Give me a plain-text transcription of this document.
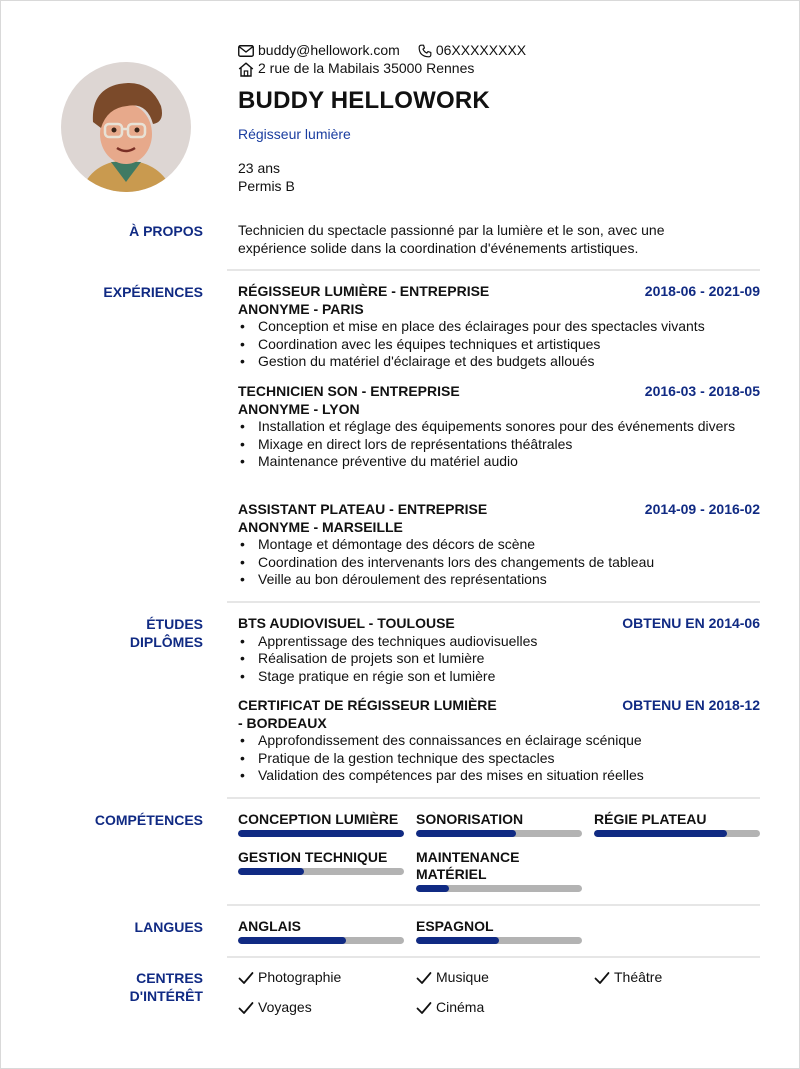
buddy@hellowork.com	06XXXXXXXX
2 rue de la Mabilais 35000 Rennes
BUDDY HELLOWORK
Régisseur lumière
23 ans
Permis B
À PROPOS	Technicien du spectacle passionné par la lumière et le son, avec une
expérience solide dans la coordination d'événements artistiques.
EXPÉRIENCES	RÉGISSEUR LUMIÈRE - ENTREPRISE	2018-06 - 2021-09
ANONYME - PARIS
• Conception et mise en place des éclairages pour des spectacles vivants
• Coordination avec les équipes techniques et artistiques
• Gestion du matériel d'éclairage et des budgets alloués
TECHNICIEN SON - ENTREPRISE	2016-03 - 2018-05
ANONYME - LYON
• Installation et réglage des équipements sonores pour des événements divers
• Mixage en direct lors de représentations théâtrales
• Maintenance préventive du matériel audio
ASSISTANT PLATEAU - ENTREPRISE	2014-09 - 2016-02
ANONYME - MARSEILLE
• Montage et démontage des décors de scène
• Coordination des intervenants lors des changements de tableau
• Veille au bon déroulement des représentations
ÉTUDES
DIPLÔMES
BTS AUDIOVISUEL - TOULOUSE	OBTENU EN 2014-06
• Apprentissage des techniques audiovisuelles
• Réalisation de projets son et lumière
• Stage pratique en régie son et lumière
CERTIFICAT DE RÉGISSEUR LUMIÈRE
- BORDEAUX
OBTENU EN 2018-12
• Approfondissement des connaissances en éclairage scénique
• Pratique de la gestion technique des spectacles
• Validation des compétences par des mises en situation réelles
COMPÉTENCES	CONCEPTION LUMIÈRE	SONORISATION	RÉGIE PLATEAU
GESTION TECHNIQUE	MAINTENANCE
MATÉRIEL
LANGUES	ANGLAIS	ESPAGNOL
CENTRES
D'INTÉRÊT
Photographie	Musique	Théâtre
Voyages	Cinéma
